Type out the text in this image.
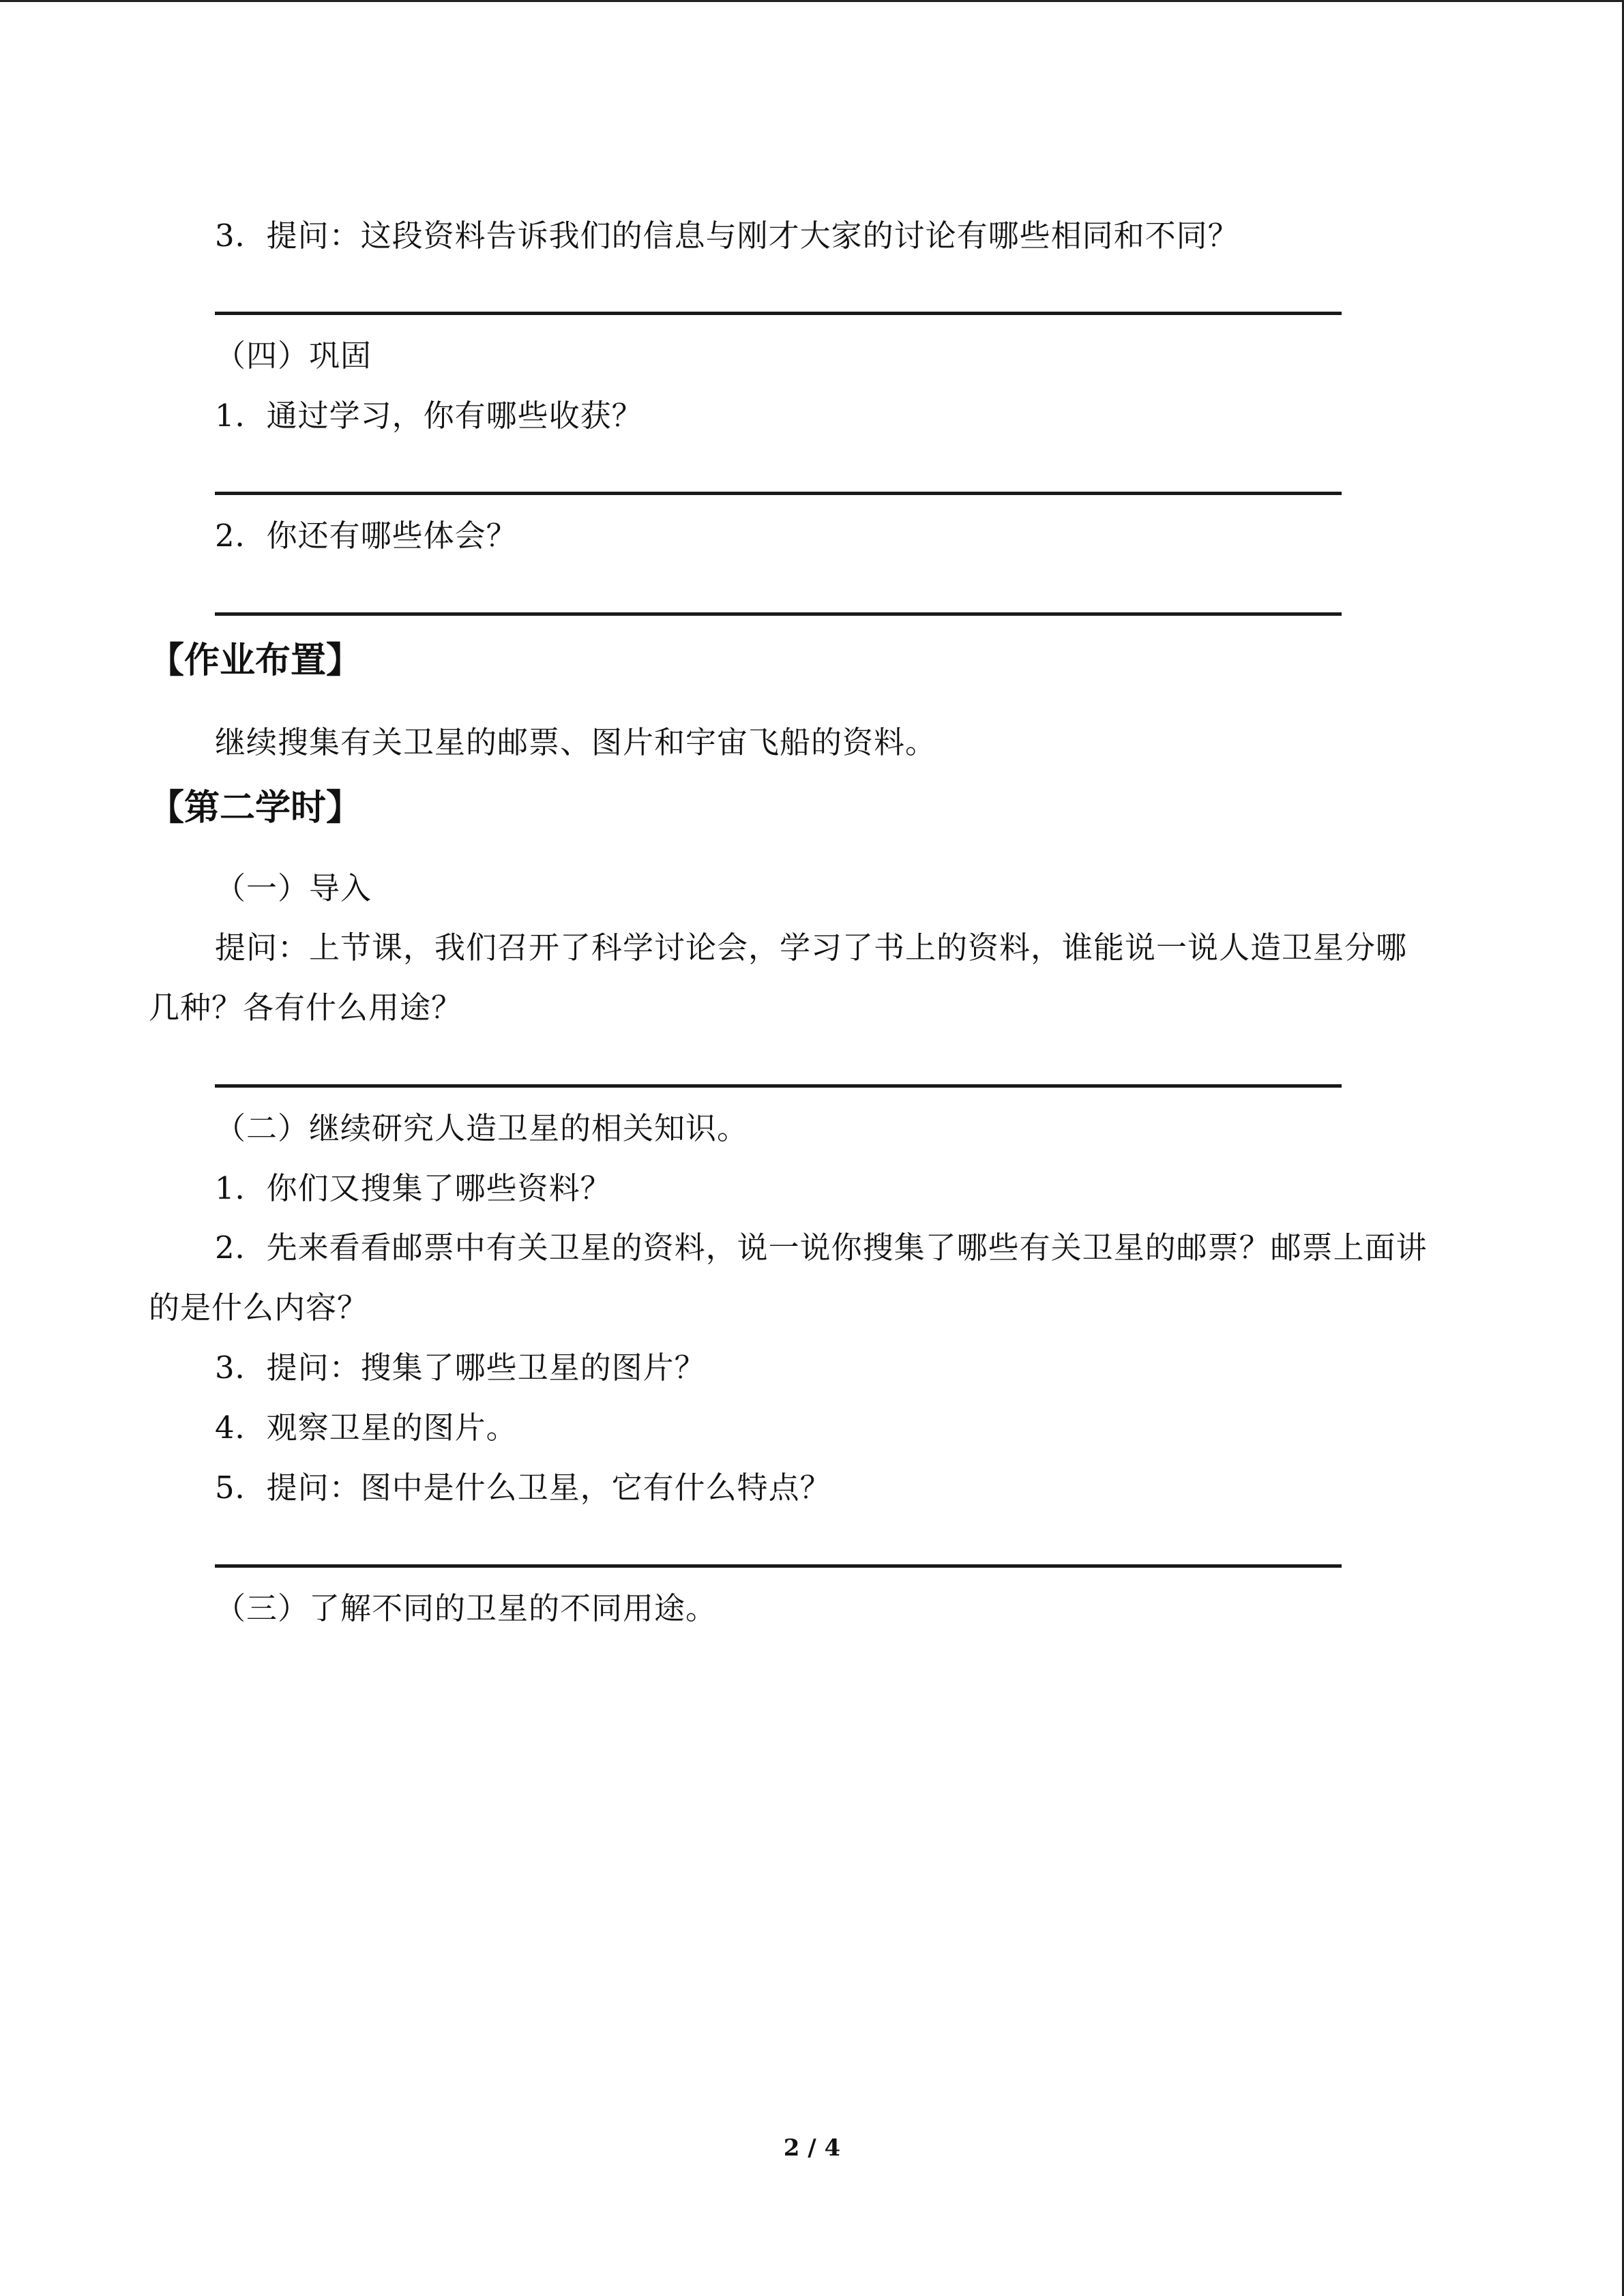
3．提问：这段资料告诉我们的信息与刚才大家的讨论有哪些相同和不同？
（四）巩固
1．通过学习，你有哪些收获？
2．你还有哪些体会？
【作业布置】
继续搜集有关卫星的邮票、图片和宇宙飞船的资料。
【第二学时】
（一）导入
提问：上节课，我们召开了科学讨论会，学习了书上的资料，谁能说一说人造卫星分哪
几种？各有什么用途？
（二）继续研究人造卫星的相关知识。
1．你们又搜集了哪些资料？
2．先来看看邮票中有关卫星的资料，说一说你搜集了哪些有关卫星的邮票？邮票上面讲
的是什么内容？
3．提问：搜集了哪些卫星的图片？
4．观察卫星的图片。
5．提问：图中是什么卫星，它有什么特点？
（三）了解不同的卫星的不同用途。
2 / 4
